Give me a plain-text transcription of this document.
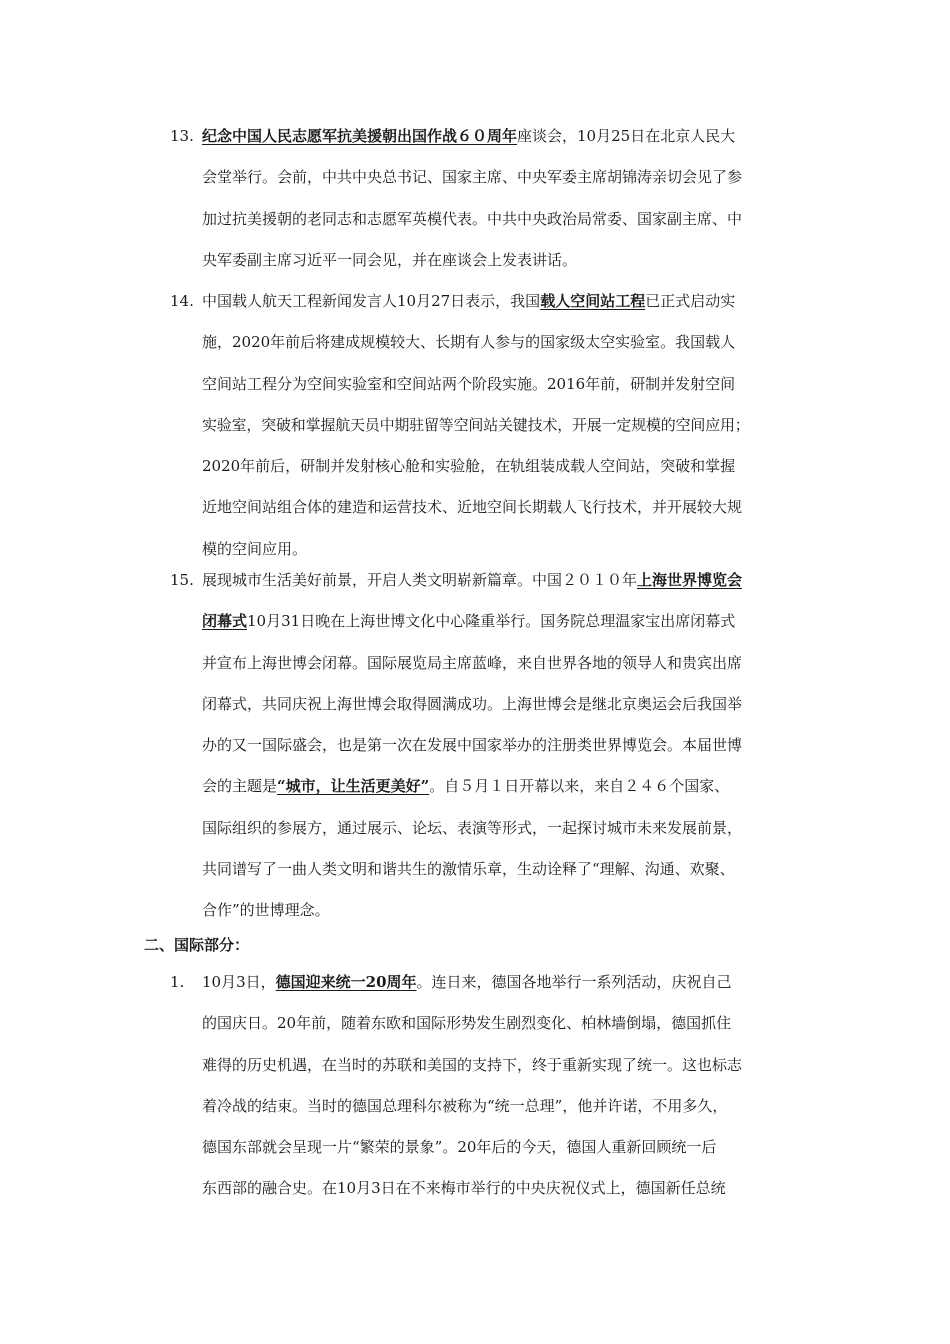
13. 纪念中国人民志愿军抗美援朝出国作战６０周年座谈会，10月25日在北京人民大
会堂举行。会前，中共中央总书记、国家主席、中央军委主席胡锦涛亲切会见了参
加过抗美援朝的老同志和志愿军英模代表。中共中央政治局常委、国家副主席、中
央军委副主席习近平一同会见，并在座谈会上发表讲话。
14. 中国载人航天工程新闻发言人10月27日表示，我国载人空间站工程已正式启动实
施，2020年前后将建成规模较大、长期有人参与的国家级太空实验室。我国载人
空间站工程分为空间实验室和空间站两个阶段实施。2016年前，研制并发射空间
实验室，突破和掌握航天员中期驻留等空间站关键技术，开展一定规模的空间应用；
2020年前后，研制并发射核心舱和实验舱，在轨组装成载人空间站，突破和掌握
近地空间站组合体的建造和运营技术、近地空间长期载人飞行技术，并开展较大规
模的空间应用。
15. 展现城市生活美好前景，开启人类文明崭新篇章。中国２０１０年上海世界博览会
闭幕式10月31日晚在上海世博文化中心隆重举行。国务院总理温家宝出席闭幕式
并宣布上海世博会闭幕。国际展览局主席蓝峰，来自世界各地的领导人和贵宾出席
闭幕式，共同庆祝上海世博会取得圆满成功。上海世博会是继北京奥运会后我国举
办的又一国际盛会，也是第一次在发展中国家举办的注册类世界博览会。本届世博
会的主题是“城市，让生活更美好”。自５月１日开幕以来，来自２４６个国家、
国际组织的参展方，通过展示、论坛、表演等形式，一起探讨城市未来发展前景，
共同谱写了一曲人类文明和谐共生的激情乐章，生动诠释了“理解、沟通、欢聚、
合作”的世博理念。
二、国际部分：
1.	10月3日，德国迎来统一20周年。连日来，德国各地举行一系列活动，庆祝自己
的国庆日。20年前，随着东欧和国际形势发生剧烈变化、柏林墙倒塌，德国抓住
难得的历史机遇，在当时的苏联和美国的支持下，终于重新实现了统一。这也标志
着冷战的结束。当时的德国总理科尔被称为“统一总理”，他并许诺，不用多久，
德国东部就会呈现一片“繁荣的景象”。20年后的今天，德国人重新回顾统一后
东西部的融合史。在10月3日在不来梅市举行的中央庆祝仪式上，德国新任总统
